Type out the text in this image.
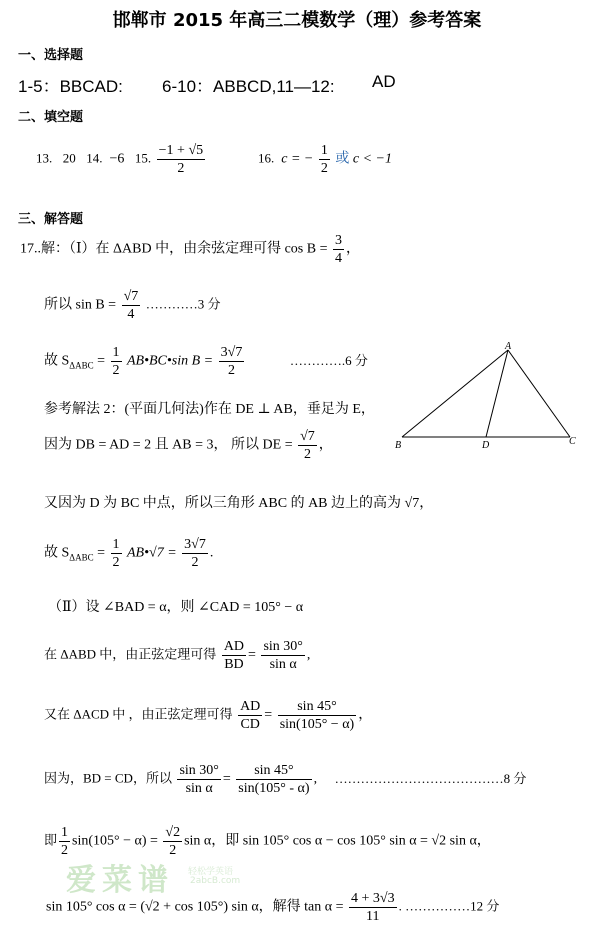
邯郸市 2015 年高三二模数学（理）参考答案
一、选择题
1-5：BBCAD: 6-10：ABBCD,11—12: AD
二、填空题
13. 20 14. −6 15. $\frac{-1 + √5}{2}$	16. c = − $\frac{1}{2}$ 或 c < −1
三、解答题
17..解：（Ⅰ）在 ΔABD 中，由余弦定理可得 $\cos B = \frac{3}{4}$ ，
所以 $\sin B = \frac{√7}{4}$ …………3 分
故 $S_{\Delta ABC} = \frac{1}{2}$ AB•BC•sin $B = \frac{3√7}{2}$	………….6 分
参考解法 2：(平面几何法)作在 DE ⊥ AB，垂足为 E，
因为 DB = AD = 2 且 AB = 3， 所以 DE = $\frac{√7}{2}$ ，
又因为 D 为 BC 中点，所以三角形 ABC 的 AB 边上的高为 √7，
故 $S_{\Delta ABC} = \frac{1}{2}$ AB•√7 = $\frac{3√7}{2}$ .
（Ⅱ）设 ∠BAD = α，则 ∠CAD = 105° − α
在 ΔABD 中，由正弦定理可得 $\frac{AD}{BD} = \frac{\sin 30^\circ}{\text{sin α}}$ ,
又在 ΔACD 中 ，由正弦定理可得 $\frac{AD}{CD} = \frac{\sin 45^\circ}{\sin(105^\circ - \alpha)}$ ，
因为，BD = CD，所以 $\frac{\sin 30^\circ}{\text{sin α}} = \frac{\sin 45^\circ}{\sin(105^\circ - \alpha)}$ , …………………………………8 分
即 $\frac{1}{2} \sin(105^\circ - \alpha) = \frac{√2}{2}$ sin α，即 sin 105° cos α − cos 105° sin α = √2 sin α，
爱菜谱 轻松学英语
2abcB.com
sin 105° cos α = (√2 + cos 105°) sin α，解得 $\tan \alpha = \frac{4 + 3√3}{11}$ . ……………12 分
A
B	D	C
